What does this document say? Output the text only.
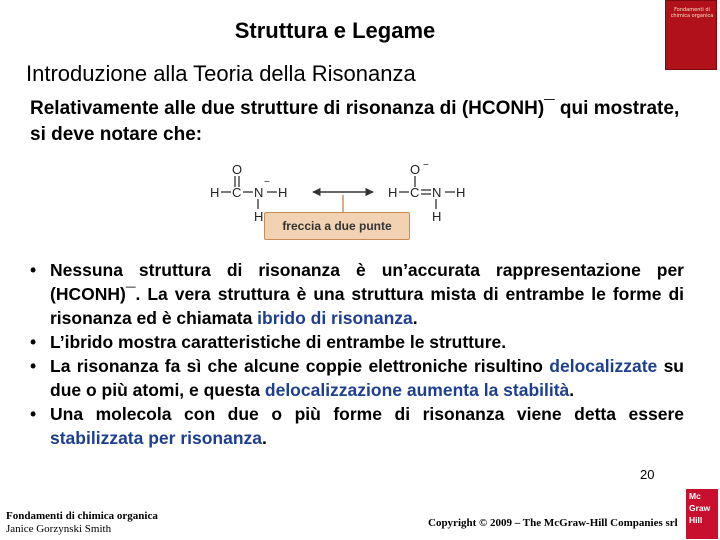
Struttura e Legame
Fondamenti di chimica organica
Introduzione alla Teoria della Risonanza
Relativamente alle due strutture di risonanza di (HCONH)¯ qui mostrate, si deve notare che:
H C N H
H
O
−
H C N H
H
O −
freccia a due punte
• Nessuna struttura di risonanza è un’accurata rappresentazione per (HCONH)¯. La vera struttura è una struttura mista di entrambe le forme di risonanza ed è chiamata ibrido di risonanza.
• L’ibrido mostra caratteristiche di entrambe le strutture.
• La risonanza fa sì che alcune coppie elettroniche risultino delocalizzate su due o più atomi, e questa delocalizzazione aumenta la stabilità.
• Una molecola con due o più forme di risonanza viene detta essere stabilizzata per risonanza.
Fondamenti di chimica organica
Janice Gorzynski Smith
20
Copyright © 2009 – The McGraw-Hill Companies srl
Mc
Graw
Hill
